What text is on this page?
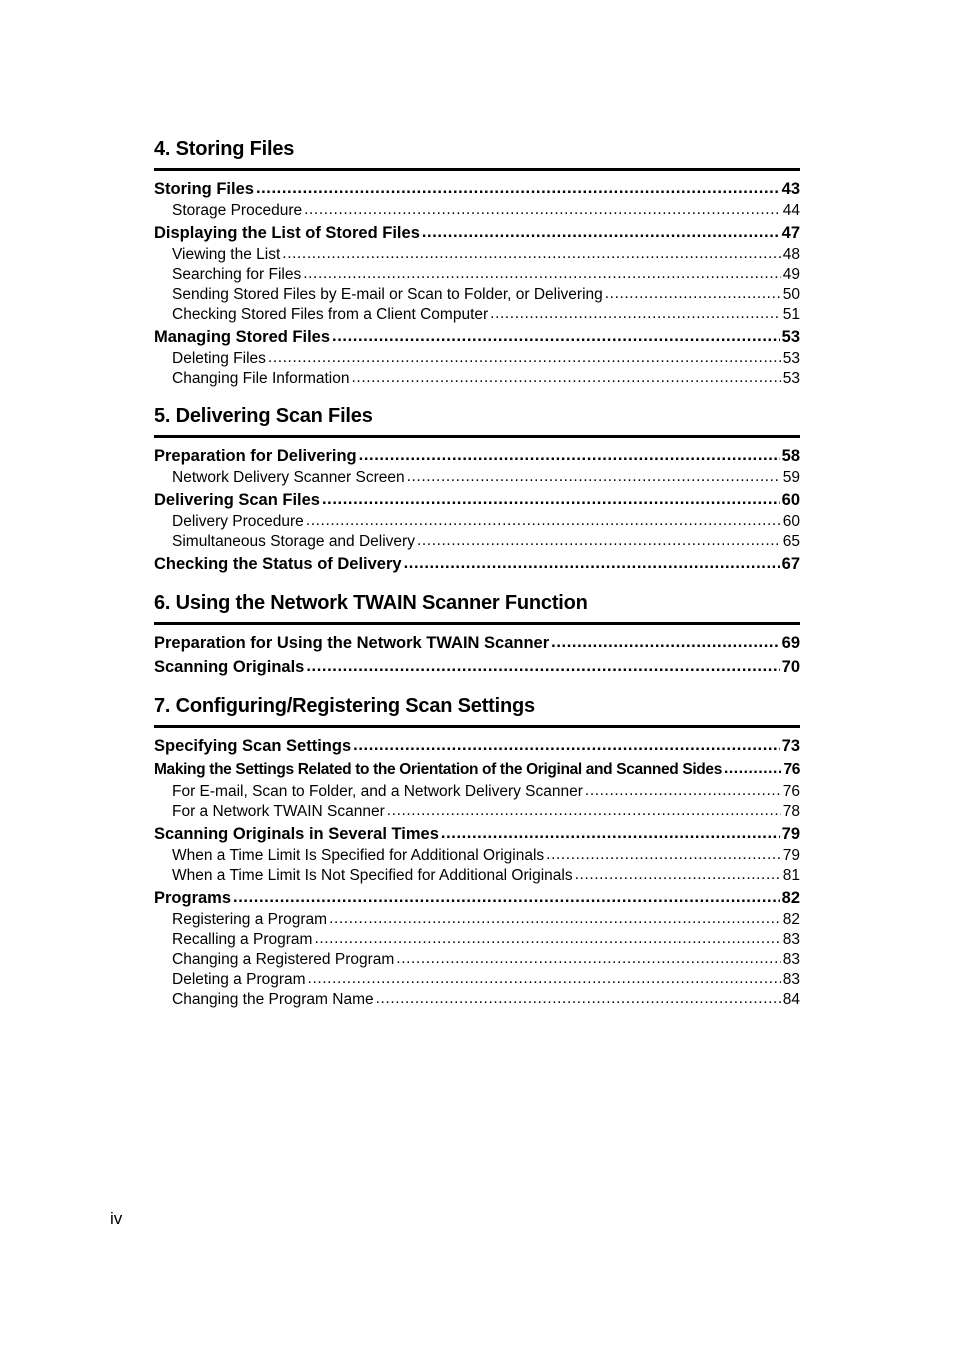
4. Storing Files
Storing Files .....	43
Storage Procedure .....	44
Displaying the List of Stored Files .....	47
Viewing the List .....	48
Searching for Files .....	49
Sending Stored Files by E-mail or Scan to Folder, or Delivering .....	50
Checking Stored Files from a Client Computer .....	51
Managing Stored Files .....	53
Deleting Files .....	53
Changing File Information .....	53
5. Delivering Scan Files
Preparation for Delivering .....	58
Network Delivery Scanner Screen .....	59
Delivering Scan Files .....	60
Delivery Procedure .....	60
Simultaneous Storage and Delivery .....	65
Checking the Status of Delivery .....	67
6. Using the Network TWAIN Scanner Function
Preparation for Using the Network TWAIN Scanner .....	69
Scanning Originals .....	70
7. Configuring/Registering Scan Settings
Specifying Scan Settings .....	73
Making the Settings Related to the Orientation of the Original and Scanned Sides .....	76
For E-mail, Scan to Folder, and a Network Delivery Scanner .....	76
For a Network TWAIN Scanner .....	78
Scanning Originals in Several Times .....	79
When a Time Limit Is Specified for Additional Originals .....	79
When a Time Limit Is Not Specified for Additional Originals .....	81
Programs .....	82
Registering a Program .....	82
Recalling a Program .....	83
Changing a Registered Program .....	83
Deleting a Program .....	83
Changing the Program Name .....	84
iv
